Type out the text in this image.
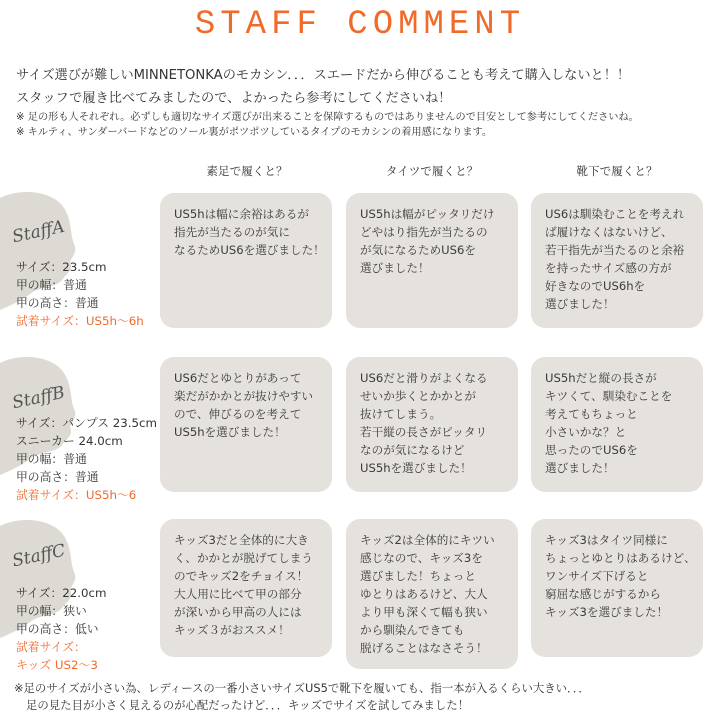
STAFF COMMENT
サイズ選びが難しいMINNETONKAのモカシン．．．スエードだから伸びることも考えて購入しないと！！
スタッフで履き比べてみましたので、よかったら参考にしてくださいね！
※ 足の形も人それぞれ。必ずしも適切なサイズ選びが出来ることを保障するものではありませんので目安として参考にしてくださいね。
※ キルティ、サンダーバードなどのソール裏がポツポツしているタイプのモカシンの着用感になります。
素足で履くと？	タイツで履くと？	靴下で履くと？
StaffA
サイズ：23.5cm
甲の幅：普通
甲の高さ：普通
試着サイズ：US5h〜6h
US5hは幅に余裕はあるが
指先が当たるのが気に
なるためUS6を選びました！
US5hは幅がピッタリだけ
どやはり指先が当たるの
が気になるためUS6を
選びました！
US6は馴染むことを考えれ
ば履けなくはないけど、
若干指先が当たるのと余裕
を持ったサイズ感の方が
好きなのでUS6hを
選びました！
StaffB
サイズ：パンプス 23.5cm
スニーカー 24.0cm
甲の幅：普通
甲の高さ：普通
試着サイズ：US5h〜6
US6だとゆとりがあって
楽だがかかとが抜けやすい
ので、伸びるのを考えて
US5hを選びました！
US6だと滑りがよくなる
せいか歩くとかかとが
抜けてしまう。
若干縦の長さがピッタリ
なのが気になるけど
US5hを選びました！
US5hだと縦の長さが
キツくて、馴染むことを
考えてもちょっと
小さいかな？と
思ったのでUS6を
選びました！
StaffC
サイズ：22.0cm
甲の幅：狭い
甲の高さ：低い
試着サイズ：
キッズ US2〜3
キッズ3だと全体的に大き
く、かかとが脱げてしまう
のでキッズ2をチョイス！
大人用に比べて甲の部分
が深いから甲高の人には
キッズ３がおススメ！
キッズ2は全体的にキツい
感じなので、キッズ3を
選びました！ちょっと
ゆとりはあるけど、大人
より甲も深くて幅も狭い
から馴染んできても
脱げることはなさそう！
キッズ3はタイツ同様に
ちょっとゆとりはあるけど、
ワンサイズ下げると
窮屈な感じがするから
キッズ3を選びました！
※足のサイズが小さい為、レディースの一番小さいサイズUS5で靴下を履いても、指一本が入るくらい大きい．．．
足の見た目が小さく見えるのが心配だったけど．．．キッズでサイズを試してみました！
